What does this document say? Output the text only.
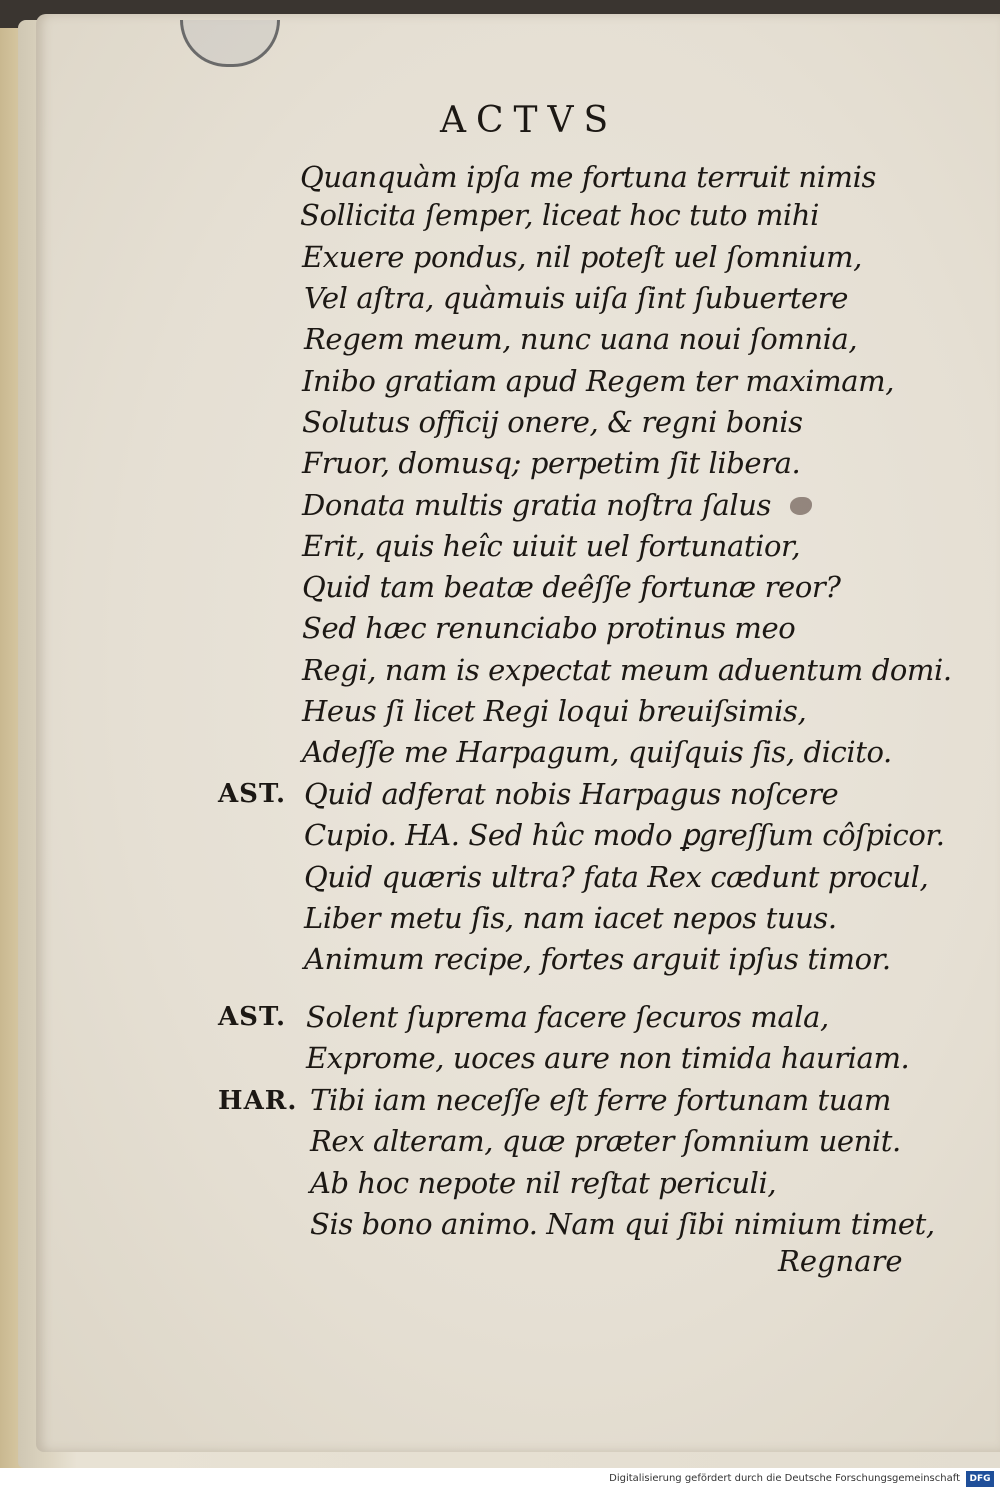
ACTVS
Quanquàm ipſa me fortuna terruit nimis
Sollicita ſemper, liceat hoc tuto mihi
Exuere pondus, nil poteſt uel ſomnium,
Vel aſtra, quàmuis uiſa ſint ſubuertere
Regem meum, nunc uana noui ſomnia,
Inibo gratiam apud Regem ter maximam,
Solutus officij onere, & regni bonis
Fruor, domusq; perpetim ſit libera.
Donata multis gratia noſtra ſalus
Erit, quis heîc uiuit uel fortunatior,
Quid tam beatæ deêſſe fortunæ reor?
Sed hæc renunciabo protinus meo
Regi, nam is expectat meum aduentum domi.
Heus ſi licet Regi loqui breuiſsimis,
Adeſſe me Harpagum, quiſquis ſis, dicito.
AST. Quid adferat nobis Harpagus noſcere
Cupio. HA. Sed hûc modo ꝑgreſſum côſpicor.
Quid quæris ultra? fata Rex cædunt procul,
Liber metu ſis, nam iacet nepos tuus.
Animum recipe, fortes arguit ipſus timor.
AST. Solent ſuprema facere ſecuros mala,
Exprome, uoces aure non timida hauriam.
HAR. Tibi iam neceſſe eſt ferre fortunam tuam
Rex alteram, quæ præter ſomnium uenit.
Ab hoc nepote nil reſtat periculi,
Sis bono animo. Nam qui ſibi nimium timet,
Regnare
Digitalisierung gefördert durch die Deutsche Forschungsgemeinschaft	DFG
